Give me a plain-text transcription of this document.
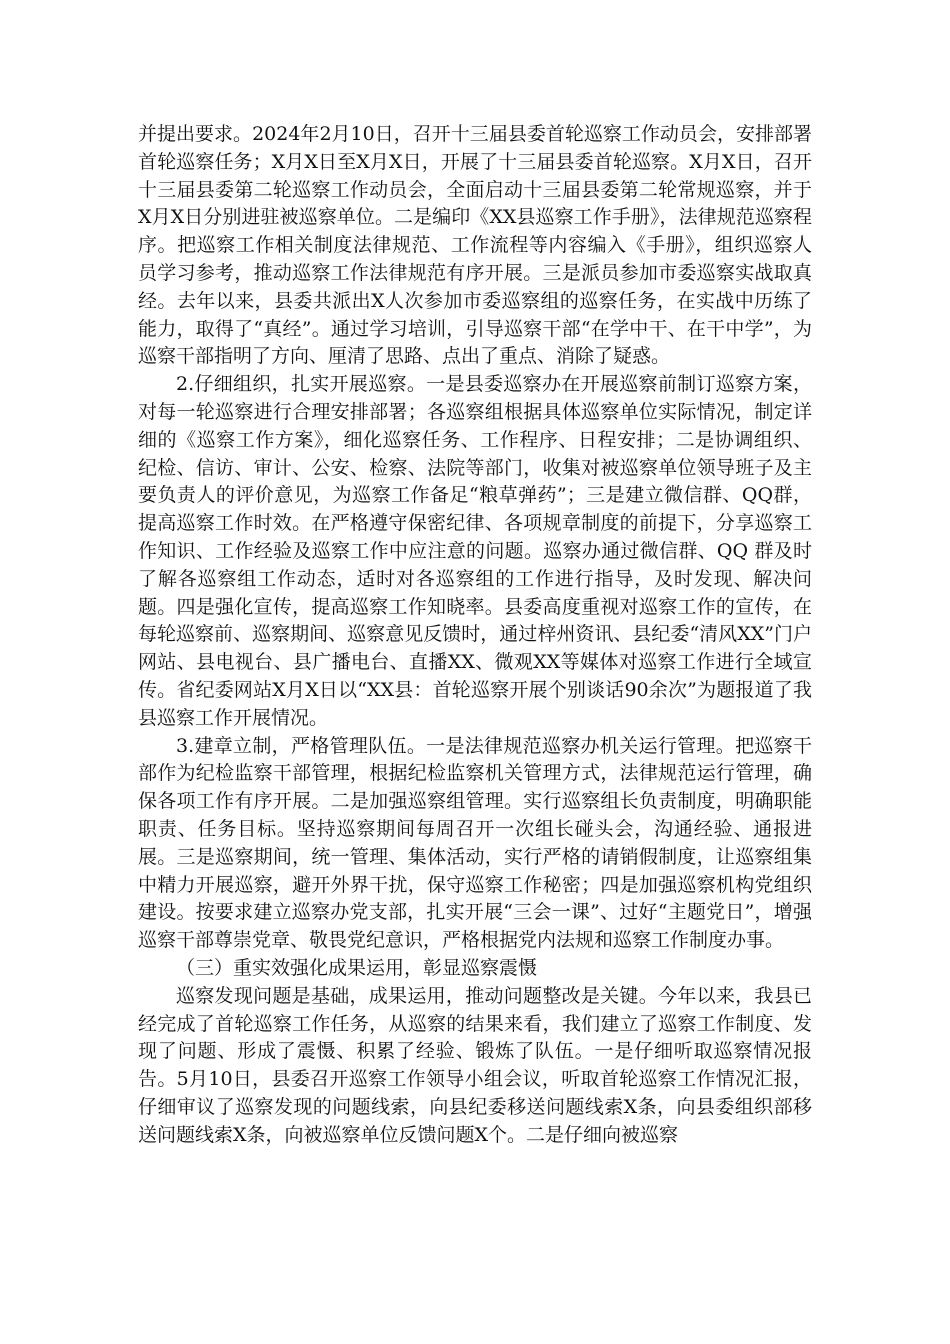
并提出要求。2024年2月10日，召开十三届县委首轮巡察工作动员会，安排部署首轮巡察任务；X月X日至X月X日，开展了十三届县委首轮巡察。X月X日，召开十三届县委第二轮巡察工作动员会，全面启动十三届县委第二轮常规巡察，并于X月X日分别进驻被巡察单位。二是编印《XX县巡察工作手册》，法律规范巡察程序。把巡察工作相关制度法律规范、工作流程等内容编入《手册》，组织巡察人员学习参考，推动巡察工作法律规范有序开展。三是派员参加市委巡察实战取真经。去年以来，县委共派出X人次参加市委巡察组的巡察任务，在实战中历练了能力，取得了“真经”。通过学习培训，引导巡察干部“在学中干、在干中学”，为巡察干部指明了方向、厘清了思路、点出了重点、消除了疑惑。

2.仔细组织，扎实开展巡察。一是县委巡察办在开展巡察前制订巡察方案，对每一轮巡察进行合理安排部署；各巡察组根据具体巡察单位实际情况，制定详细的《巡察工作方案》，细化巡察任务、工作程序、日程安排；二是协调组织、纪检、信访、审计、公安、检察、法院等部门，收集对被巡察单位领导班子及主要负责人的评价意见，为巡察工作备足“粮草弹药”；三是建立微信群、QQ群，提高巡察工作时效。在严格遵守保密纪律、各项规章制度的前提下，分享巡察工作知识、工作经验及巡察工作中应注意的问题。巡察办通过微信群、QQ 群及时了解各巡察组工作动态，适时对各巡察组的工作进行指导，及时发现、解决问题。四是强化宣传，提高巡察工作知晓率。县委高度重视对巡察工作的宣传，在每轮巡察前、巡察期间、巡察意见反馈时，通过梓州资讯、县纪委“清风XX”门户网站、县电视台、县广播电台、直播XX、微观XX等媒体对巡察工作进行全域宣传。省纪委网站X月X日以“XX县：首轮巡察开展个别谈话90余次”为题报道了我县巡察工作开展情况。

3.建章立制，严格管理队伍。一是法律规范巡察办机关运行管理。把巡察干部作为纪检监察干部管理，根据纪检监察机关管理方式，法律规范运行管理，确保各项工作有序开展。二是加强巡察组管理。实行巡察组长负责制度，明确职能职责、任务目标。坚持巡察期间每周召开一次组长碰头会，沟通经验、通报进展。三是巡察期间，统一管理、集体活动，实行严格的请销假制度，让巡察组集中精力开展巡察，避开外界干扰，保守巡察工作秘密；四是加强巡察机构党组织建设。按要求建立巡察办党支部，扎实开展“三会一课”、过好“主题党日”，增强巡察干部尊崇党章、敬畏党纪意识，严格根据党内法规和巡察工作制度办事。

（三）重实效强化成果运用，彰显巡察震慑

巡察发现问题是基础，成果运用，推动问题整改是关键。今年以来，我县已经完成了首轮巡察工作任务，从巡察的结果来看，我们建立了巡察工作制度、发现了问题、形成了震慑、积累了经验、锻炼了队伍。一是仔细听取巡察情况报告。5月10日，县委召开巡察工作领导小组会议，听取首轮巡察工作情况汇报，仔细审议了巡察发现的问题线索，向县纪委移送问题线索X条，向县委组织部移送问题线索X条，向被巡察单位反馈问题X个。二是仔细向被巡察
